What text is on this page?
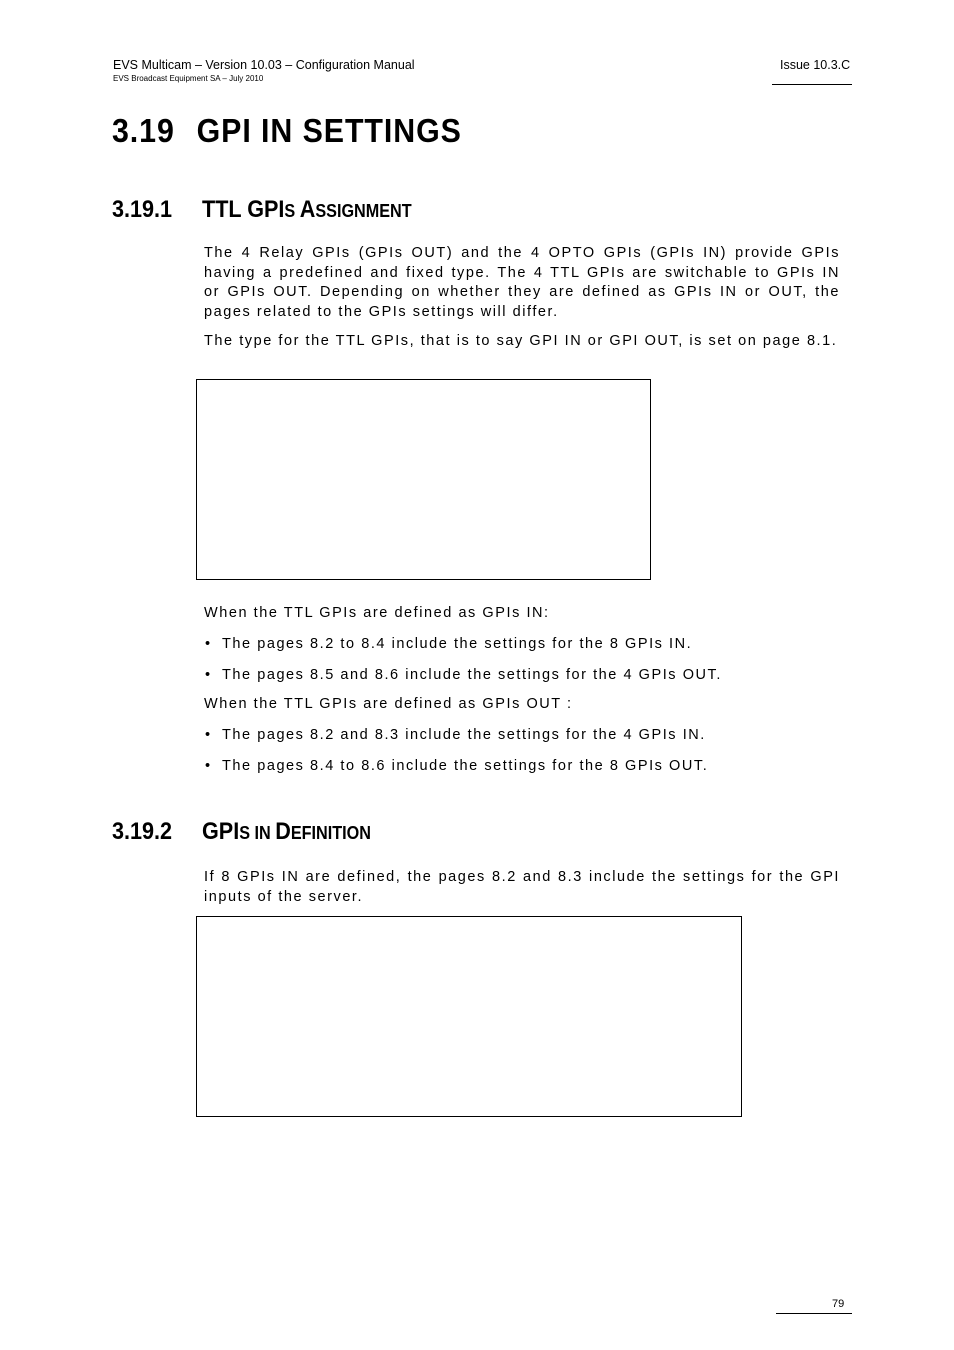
EVS Multicam – Version 10.03 – Configuration Manual
EVS Broadcast Equipment SA – July 2010
Issue 10.3.C
3.19 GPI IN SETTINGS
3.19.1 TTL GPIS ASSIGNMENT

The 4 Relay GPIs (GPIs OUT) and the 4 OPTO GPIs (GPIs IN) provide GPIs having a predefined and fixed type. The 4 TTL GPIs are switchable to GPIs IN or GPIs OUT. Depending on whether they are defined as GPIs IN or OUT, the pages related to the GPIs settings will differ.

The type for the TTL GPIs, that is to say GPI IN or GPI OUT, is set on page 8.1.

When the TTL GPIs are defined as GPIs IN:
• The pages 8.2 to 8.4 include the settings for the 8 GPIs IN.
• The pages 8.5 and 8.6 include the settings for the 4 GPIs OUT.
When the TTL GPIs are defined as GPIs OUT :
• The pages 8.2 and 8.3 include the settings for the 4 GPIs IN.
• The pages 8.4 to 8.6 include the settings for the 8 GPIs OUT.
3.19.2 GPIS IN DEFINITION

If 8 GPIs IN are defined, the pages 8.2 and 8.3 include the settings for the GPI inputs of the server.

79
